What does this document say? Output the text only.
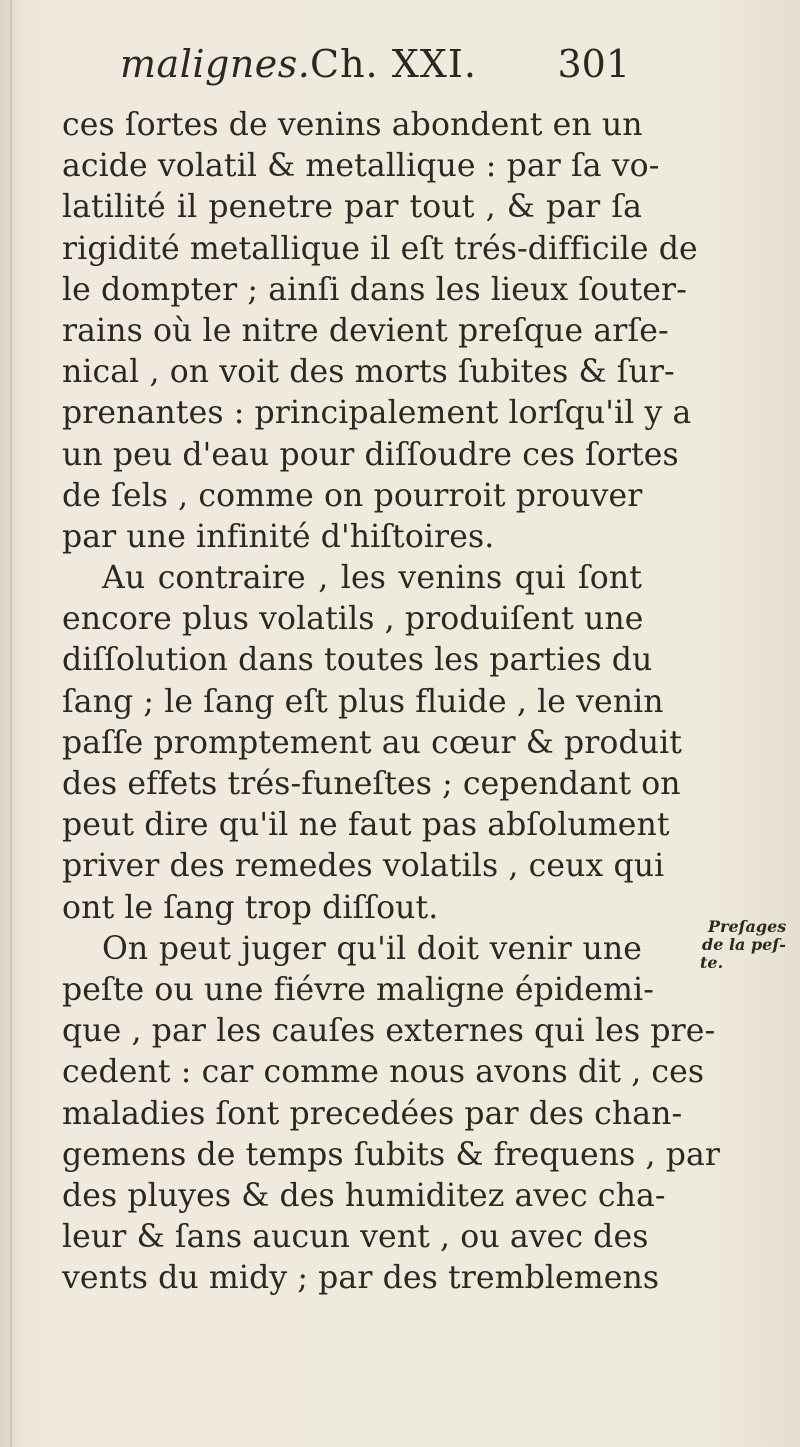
malignes. Ch. XXI. 301
ces ſortes de venins abondent en un
acide volatil & metallique : par ſa vo-
latilité il penetre par tout , & par ſa
rigidité metallique il eſt trés-difficile de
le dompter ; ainſi dans les lieux ſouter-
rains où le nitre devient preſque arſe-
nical , on voit des morts ſubites & ſur-
prenantes : principalement lorſqu'il y a
un peu d'eau pour diſſoudre ces ſortes
de ſels , comme on pourroit prouver
par une infinité d'hiſtoires.
Au contraire , les venins qui ſont
encore plus volatils , produiſent une
diſſolution dans toutes les parties du
ſang ; le ſang eſt plus fluide , le venin
paſſe promptement au cœur & produit
des effets trés-funeſtes ; cependant on
peut dire qu'il ne faut pas abſolument
priver des remedes volatils , ceux qui
ont le ſang trop diſſout.
On peut juger qu'il doit venir une
peſte ou une fiévre maligne épidemi-
que , par les cauſes externes qui les pre-
cedent : car comme nous avons dit , ces
maladies ſont precedées par des chan-
gemens de temps ſubits & frequens , par
des pluyes & des humiditez avec cha-
leur & ſans aucun vent , ou avec des
vents du midy ; par des tremblemens
Preſages
de la peſ-
te.
